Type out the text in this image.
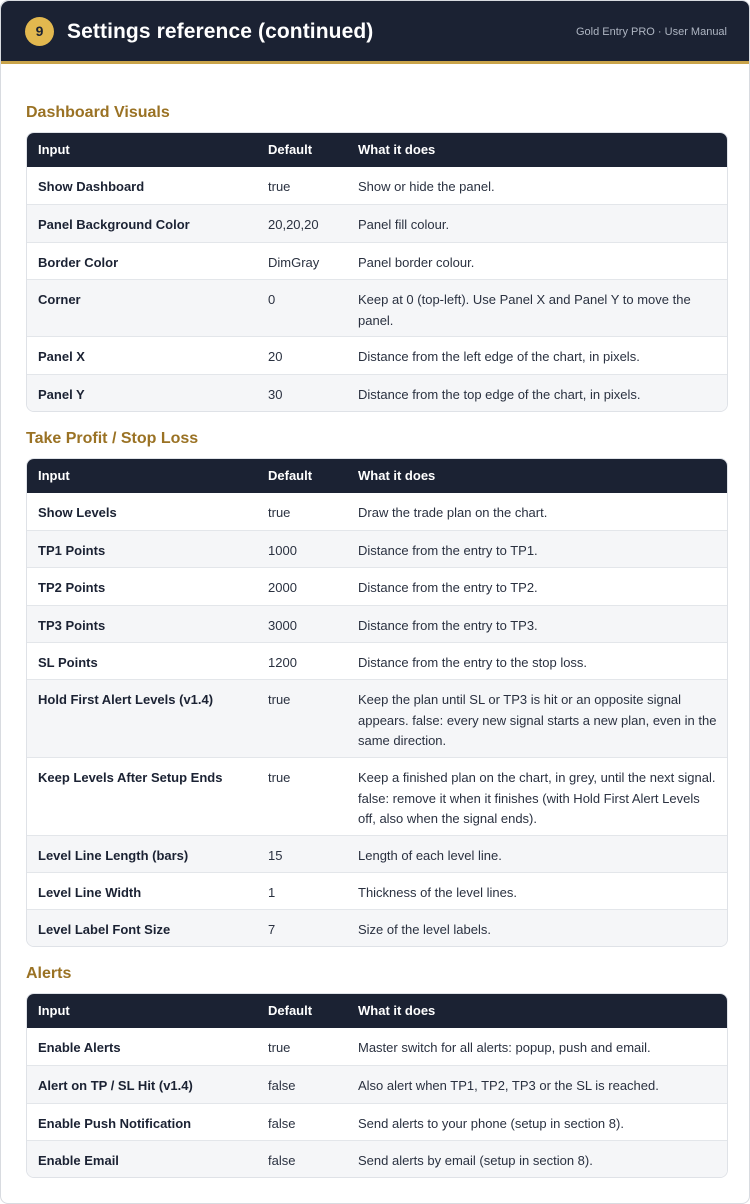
9	Settings reference (continued)	Gold Entry PRO · User Manual
Dashboard Visuals
Input	Default	What it does
Show Dashboard	true	Show or hide the panel.
Panel Background Color	20,20,20	Panel fill colour.
Border Color	DimGray	Panel border colour.
Corner	0	Keep at 0 (top-left). Use Panel X and Panel Y to move the panel.
Panel X	20	Distance from the left edge of the chart, in pixels.
Panel Y	30	Distance from the top edge of the chart, in pixels.
Take Profit / Stop Loss
Input	Default	What it does
Show Levels	true	Draw the trade plan on the chart.
TP1 Points	1000	Distance from the entry to TP1.
TP2 Points	2000	Distance from the entry to TP2.
TP3 Points	3000	Distance from the entry to TP3.
SL Points	1200	Distance from the entry to the stop loss.
Hold First Alert Levels (v1.4)	true	Keep the plan until SL or TP3 is hit or an opposite signal appears. false: every new signal starts a new plan, even in the same direction.
Keep Levels After Setup Ends	true	Keep a finished plan on the chart, in grey, until the next signal. false: remove it when it finishes (with Hold First Alert Levels off, also when the signal ends).
Level Line Length (bars)	15	Length of each level line.
Level Line Width	1	Thickness of the level lines.
Level Label Font Size	7	Size of the level labels.
Alerts
Input	Default	What it does
Enable Alerts	true	Master switch for all alerts: popup, push and email.
Alert on TP / SL Hit (v1.4)	false	Also alert when TP1, TP2, TP3 or the SL is reached.
Enable Push Notification	false	Send alerts to your phone (setup in section 8).
Enable Email	false	Send alerts by email (setup in section 8).
